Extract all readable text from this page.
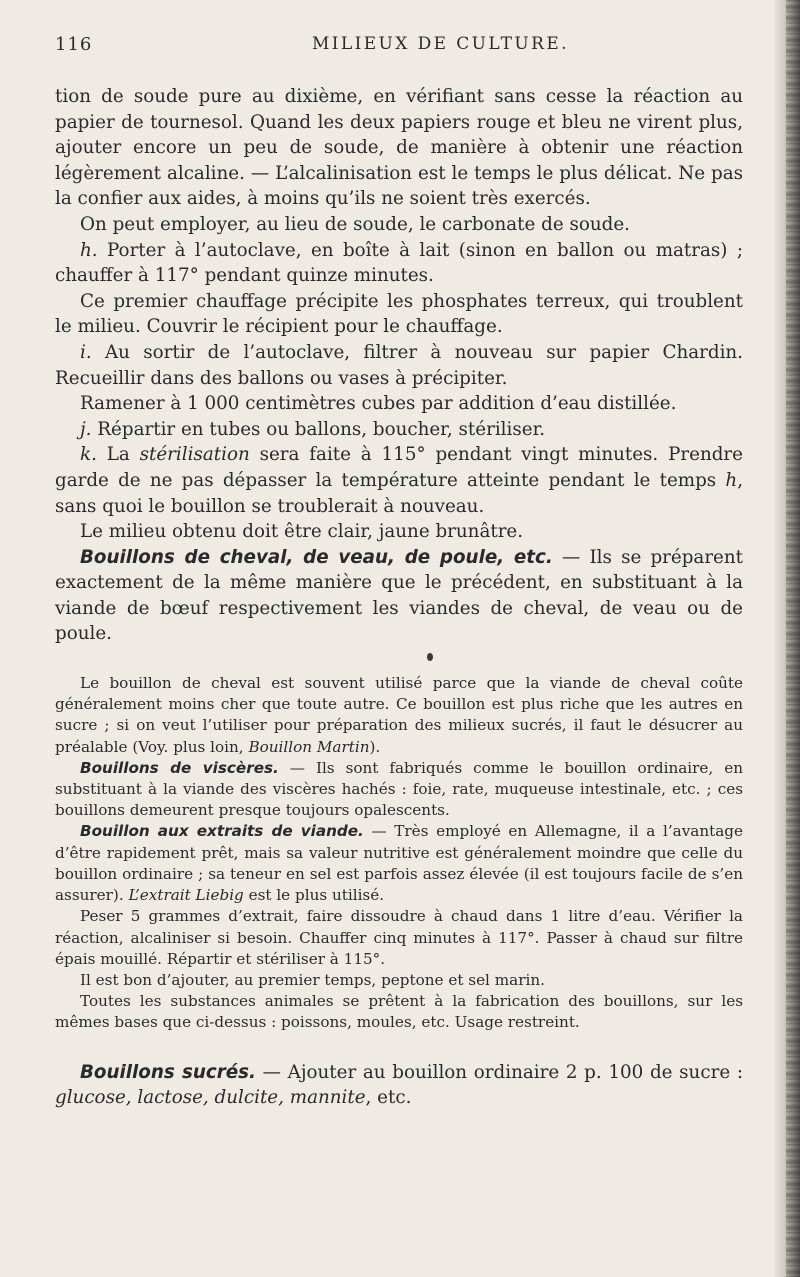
116	MILIEUX DE CULTURE.

tion de soude pure au dixième, en vérifiant sans cesse la réaction au papier de tournesol. Quand les deux papiers rouge et bleu ne virent plus, ajouter encore un peu de soude, de manière à obtenir une réaction légèrement alcaline. — L’alcalinisation est le temps le plus délicat. Ne pas la confier aux aides, à moins qu’ils ne soient très exercés.

On peut employer, au lieu de soude, le carbonate de soude.

h. Porter à l’autoclave, en boîte à lait (sinon en ballon ou matras) ; chauffer à 117° pendant quinze minutes.

Ce premier chauffage précipite les phosphates terreux, qui troublent le milieu. Couvrir le récipient pour le chauffage.

i. Au sortir de l’autoclave, filtrer à nouveau sur papier Chardin. Recueillir dans des ballons ou vases à précipiter.

Ramener à 1 000 centimètres cubes par addition d’eau distillée.

j. Répartir en tubes ou ballons, boucher, stériliser.

k. La stérilisation sera faite à 115° pendant vingt minutes. Prendre garde de ne pas dépasser la température atteinte pendant le temps h, sans quoi le bouillon se troublerait à nouveau.

Le milieu obtenu doit être clair, jaune brunâtre.

Bouillons de cheval, de veau, de poule, etc. — Ils se préparent exactement de la même manière que le précédent, en substituant à la viande de bœuf respectivement les viandes de cheval, de veau ou de poule.

Le bouillon de cheval est souvent utilisé parce que la viande de cheval coûte généralement moins cher que toute autre. Ce bouillon est plus riche que les autres en sucre ; si on veut l’utiliser pour préparation des milieux sucrés, il faut le désucrer au préalable (Voy. plus loin, Bouillon Martin).

Bouillons de viscères. — Ils sont fabriqués comme le bouillon ordinaire, en substituant à la viande des viscères hachés : foie, rate, muqueuse intestinale, etc. ; ces bouillons demeurent presque toujours opalescents.

Bouillon aux extraits de viande. — Très employé en Allemagne, il a l’avantage d’être rapidement prêt, mais sa valeur nutritive est généralement moindre que celle du bouillon ordinaire ; sa teneur en sel est parfois assez élevée (il est toujours facile de s’en assurer). L’extrait Liebig est le plus utilisé.

Peser 5 grammes d’extrait, faire dissoudre à chaud dans 1 litre d’eau. Vérifier la réaction, alcaliniser si besoin. Chauffer cinq minutes à 117°. Passer à chaud sur filtre épais mouillé. Répartir et stériliser à 115°.

Il est bon d’ajouter, au premier temps, peptone et sel marin.

Toutes les substances animales se prêtent à la fabrication des bouillons, sur les mêmes bases que ci-dessus : poissons, moules, etc. Usage restreint.

Bouillons sucrés. — Ajouter au bouillon ordinaire 2 p. 100 de sucre : glucose, lactose, dulcite, mannite, etc.
